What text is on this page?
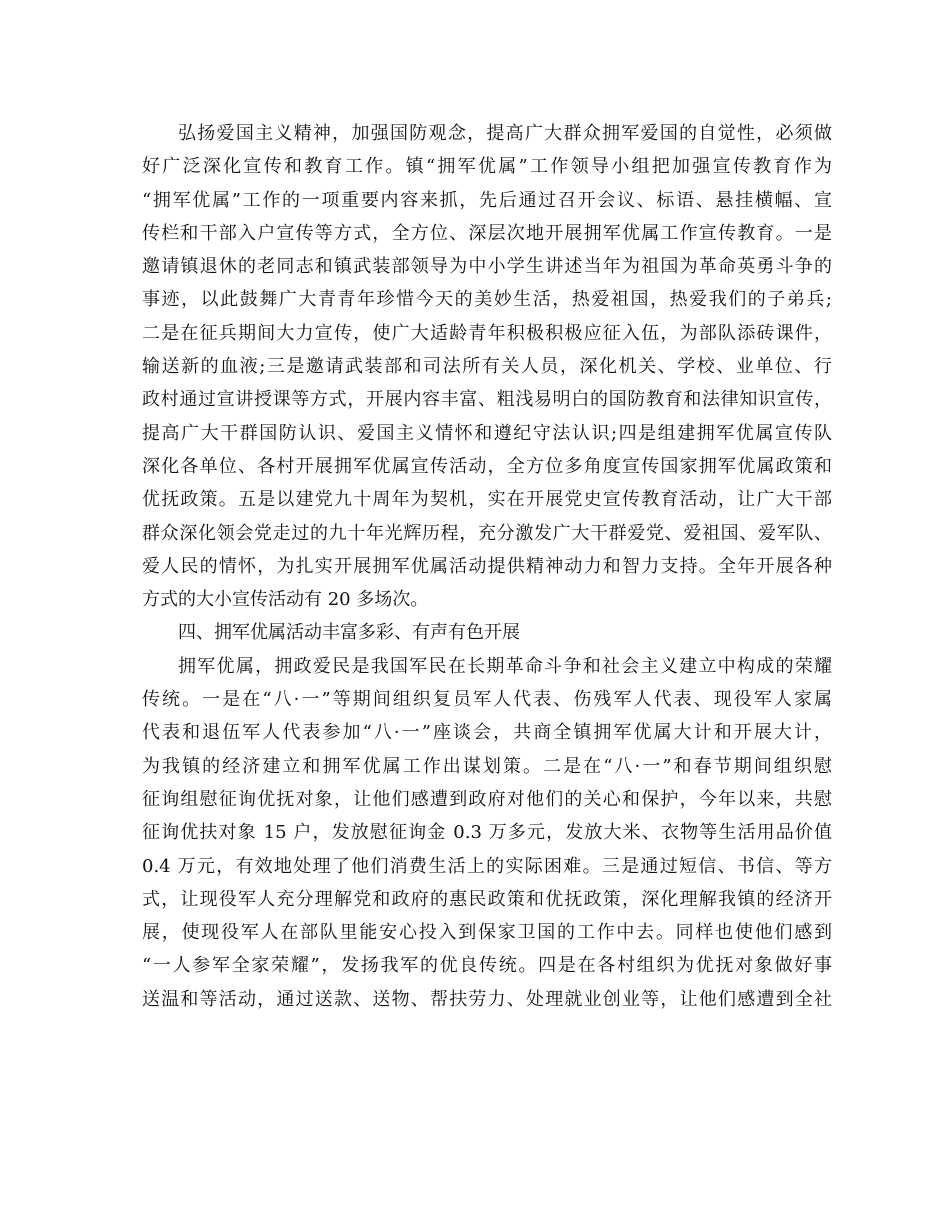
弘扬爱国主义精神，加强国防观念，提高广大群众拥军爱国的自觉性，必须做
好广泛深化宣传和教育工作。镇“拥军优属”工作领导小组把加强宣传教育作为
“拥军优属”工作的一项重要内容来抓，先后通过召开会议、标语、悬挂横幅、宣
传栏和干部入户宣传等方式，全方位、深层次地开展拥军优属工作宣传教育。一是
邀请镇退休的老同志和镇武装部领导为中小学生讲述当年为祖国为革命英勇斗争的
事迹，以此鼓舞广大青青年珍惜今天的美妙生活，热爱祖国，热爱我们的子弟兵;
二是在征兵期间大力宣传，使广大适龄青年积极积极应征入伍，为部队添砖课件，
输送新的血液;三是邀请武装部和司法所有关人员，深化机关、学校、业单位、行
政村通过宣讲授课等方式，开展内容丰富、粗浅易明白的国防教育和法律知识宣传，
提高广大干群国防认识、爱国主义情怀和遵纪守法认识;四是组建拥军优属宣传队
深化各单位、各村开展拥军优属宣传活动，全方位多角度宣传国家拥军优属政策和
优抚政策。五是以建党九十周年为契机，实在开展党史宣传教育活动，让广大干部
群众深化领会党走过的九十年光辉历程，充分激发广大干群爱党、爱祖国、爱军队、
爱人民的情怀，为扎实开展拥军优属活动提供精神动力和智力支持。全年开展各种
方式的大小宣传活动有 20 多场次。
四、拥军优属活动丰富多彩、有声有色开展
拥军优属，拥政爱民是我国军民在长期革命斗争和社会主义建立中构成的荣耀
传统。一是在“八·一”等期间组织复员军人代表、伤残军人代表、现役军人家属
代表和退伍军人代表参加“八·一”座谈会，共商全镇拥军优属大计和开展大计，
为我镇的经济建立和拥军优属工作出谋划策。二是在“八·一”和春节期间组织慰
征询组慰征询优抚对象，让他们感遭到政府对他们的关心和保护，今年以来，共慰
征询优扶对象 15 户，发放慰征询金 0.3 万多元，发放大米、衣物等生活用品价值
0.4 万元，有效地处理了他们消费生活上的实际困难。三是通过短信、书信、等方
式，让现役军人充分理解党和政府的惠民政策和优抚政策，深化理解我镇的经济开
展，使现役军人在部队里能安心投入到保家卫国的工作中去。同样也使他们感到
“一人参军全家荣耀”，发扬我军的优良传统。四是在各村组织为优抚对象做好事
送温和等活动，通过送款、送物、帮扶劳力、处理就业创业等，让他们感遭到全社
